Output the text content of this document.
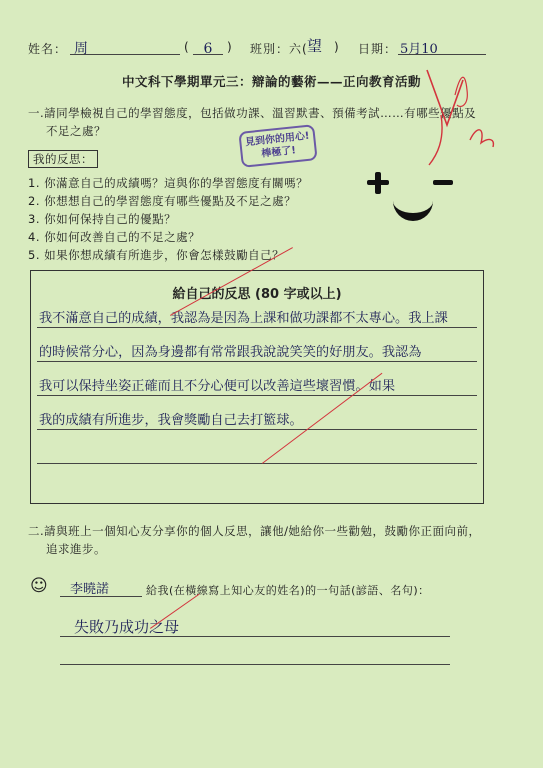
姓名： 周	( 6	) 班別：六( 望 ) 日期： 5月10
中文科下學期單元三：辯論的藝術——正向教育活動
一.請同學檢視自己的學習態度，包括做功課、溫習默書、預備考試……有哪些優點及
不足之處？
我的反思：
1. 你滿意自己的成績嗎？這與你的學習態度有關嗎？
2. 你想想自己的學習態度有哪些優點及不足之處？
3. 你如何保持自己的優點？
4. 你如何改善自己的不足之處？
5. 如果你想成績有所進步，你會怎樣鼓勵自己？
見到你的用心!
棒極了!
給自己的反思 (80 字或以上)
我不滿意自己的成績，我認為是因為上課和做功課都不太專心。我上課
的時候常分心，因為身邊都有常常跟我說說笑笑的好朋友。我認為
我可以保持坐姿正確而且不分心便可以改善這些壞習慣。如果
我的成績有所進步，我會獎勵自己去打籃球。
二.請與班上一個知心友分享你的個人反思，讓他/她給你一些勸勉，鼓勵你正面向前，
追求進步。
☺	李曉諾	給我(在橫線寫上知心友的姓名)的一句話(諺語、名句)：
失敗乃成功之母
